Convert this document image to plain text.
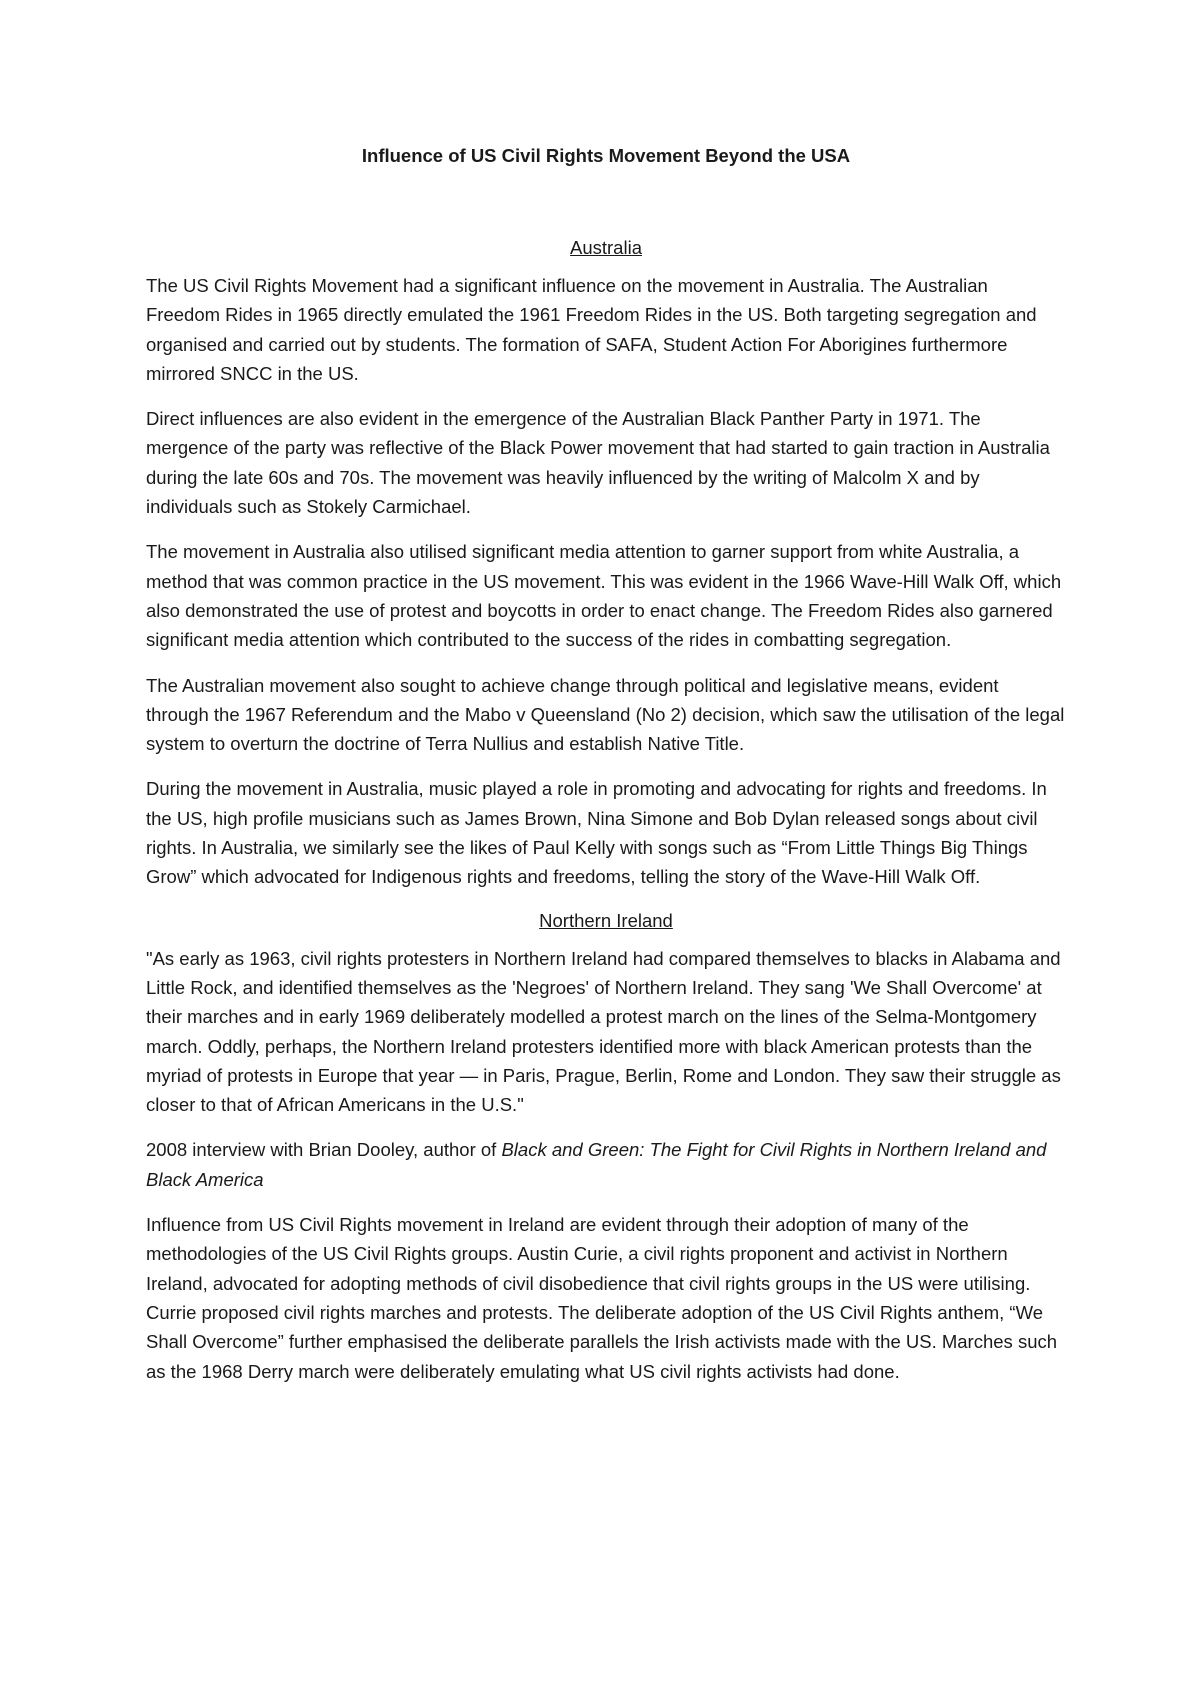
Influence of US Civil Rights Movement Beyond the USA
Australia

The US Civil Rights Movement had a significant influence on the movement in Australia. The Australian Freedom Rides in 1965 directly emulated the 1961 Freedom Rides in the US. Both targeting segregation and organised and carried out by students. The formation of SAFA, Student Action For Aborigines furthermore mirrored SNCC in the US.

Direct influences are also evident in the emergence of the Australian Black Panther Party in 1971. The mergence of the party was reflective of the Black Power movement that had started to gain traction in Australia during the late 60s and 70s. The movement was heavily influenced by the writing of Malcolm X and by individuals such as Stokely Carmichael.

The movement in Australia also utilised significant media attention to garner support from white Australia, a method that was common practice in the US movement. This was evident in the 1966 Wave-Hill Walk Off, which also demonstrated the use of protest and boycotts in order to enact change. The Freedom Rides also garnered significant media attention which contributed to the success of the rides in combatting segregation.

The Australian movement also sought to achieve change through political and legislative means, evident through the 1967 Referendum and the Mabo v Queensland (No 2) decision, which saw the utilisation of the legal system to overturn the doctrine of Terra Nullius and establish Native Title.

During the movement in Australia, music played a role in promoting and advocating for rights and freedoms. In the US, high profile musicians such as James Brown, Nina Simone and Bob Dylan released songs about civil rights. In Australia, we similarly see the likes of Paul Kelly with songs such as “From Little Things Big Things Grow” which advocated for Indigenous rights and freedoms, telling the story of the Wave-Hill Walk Off.

Northern Ireland

"As early as 1963, civil rights protesters in Northern Ireland had compared themselves to blacks in Alabama and Little Rock, and identified themselves as the 'Negroes' of Northern Ireland. They sang 'We Shall Overcome' at their marches and in early 1969 deliberately modelled a protest march on the lines of the Selma-Montgomery march. Oddly, perhaps, the Northern Ireland protesters identified more with black American protests than the myriad of protests in Europe that year — in Paris, Prague, Berlin, Rome and London. They saw their struggle as closer to that of African Americans in the U.S."

2008 interview with Brian Dooley, author of Black and Green: The Fight for Civil Rights in Northern Ireland and Black America

Influence from US Civil Rights movement in Ireland are evident through their adoption of many of the methodologies of the US Civil Rights groups. Austin Curie, a civil rights proponent and activist in Northern Ireland, advocated for adopting methods of civil disobedience that civil rights groups in the US were utilising. Currie proposed civil rights marches and protests. The deliberate adoption of the US Civil Rights anthem, “We Shall Overcome” further emphasised the deliberate parallels the Irish activists made with the US. Marches such as the 1968 Derry march were deliberately emulating what US civil rights activists had done.
